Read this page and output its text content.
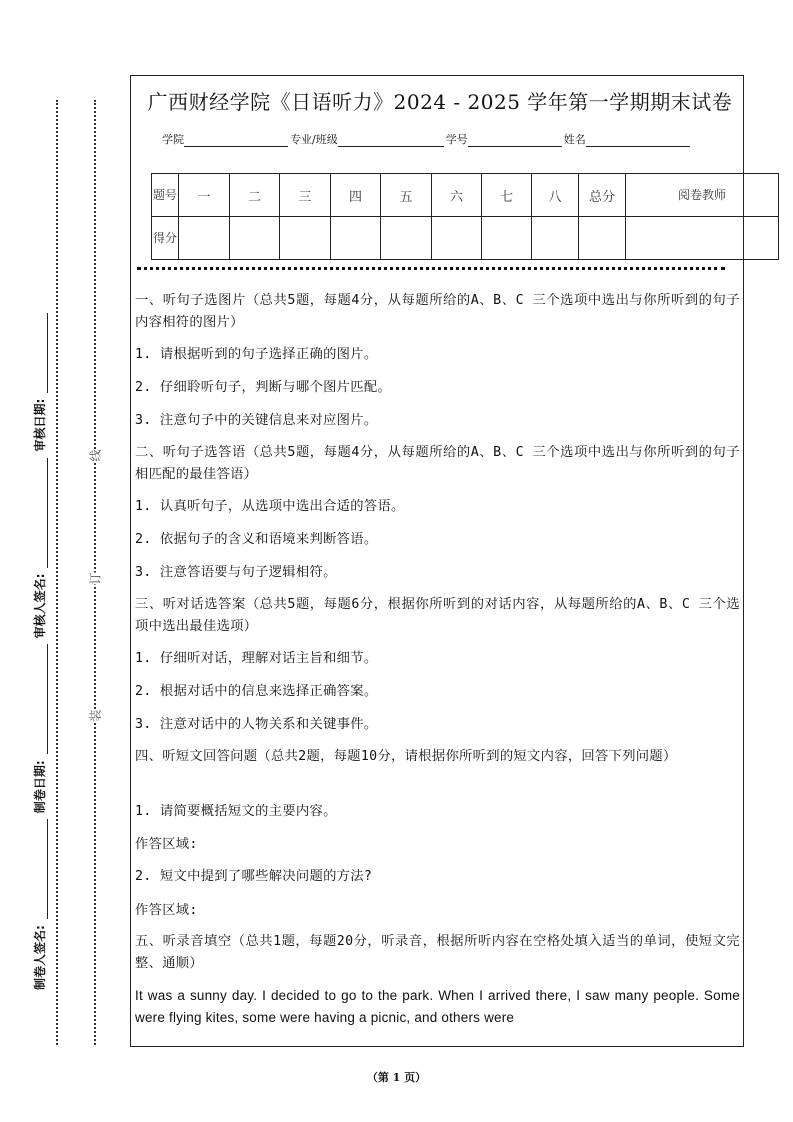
广西财经学院《日语听力》2024 - 2025 学年第一学期期末试卷
学院	专业/班级	学号	姓名
题号	一	二	三	四	五	六	七	八	总分	阅卷教师
得分										
一、听句子选图片（总共5题，每题4分，从每题所给的A、B、C 三个选项中选出与你所听到的句子内容相符的图片）
1. 请根据听到的句子选择正确的图片。
2. 仔细聆听句子，判断与哪个图片匹配。
3. 注意句子中的关键信息来对应图片。
二、听句子选答语（总共5题，每题4分，从每题所给的A、B、C 三个选项中选出与你所听到的句子相匹配的最佳答语）
1. 认真听句子，从选项中选出合适的答语。
2. 依据句子的含义和语境来判断答语。
3. 注意答语要与句子逻辑相符。
三、听对话选答案（总共5题，每题6分，根据你所听到的对话内容，从每题所给的A、B、C 三个选项中选出最佳选项）
1. 仔细听对话，理解对话主旨和细节。
2. 根据对话中的信息来选择正确答案。
3. 注意对话中的人物关系和关键事件。
四、听短文回答问题（总共2题，每题10分，请根据你所听到的短文内容，回答下列问题）
1. 请简要概括短文的主要内容。
作答区域:
2. 短文中提到了哪些解决问题的方法?
作答区域:
五、听录音填空（总共1题，每题20分，听录音，根据所听内容在空格处填入适当的单词，使短文完整、通顺）
It was a sunny day. I decided to go to the park. When I arrived there, I saw many people. Some were flying kites, some were having a picnic, and others were
线
订
装
制卷人签名:
制卷日期:
审核人签名:
审核日期:
（第 1 页）
